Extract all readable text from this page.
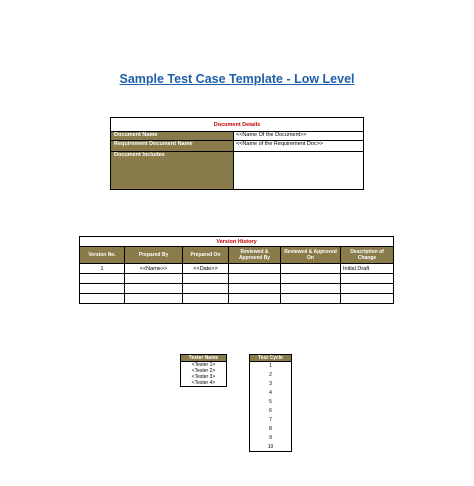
Sample Test Case Template - Low Level
Document Details	
Document Name	<<Name Of the Document>>
Requirement Document Name	<<Name of the Requirement Doc>>
Document Includes	
Version History					
Version No.	Prepared By	Prepared On	Reviewed & Approved By	Reviewed & Approved On	Description of Change
1	<<Name>>	<<Date>>			Initial Draft

Tester Name
<Tester 1>
<Tester 2>
<Tester 3>
<Tester 4>
Test Cycle
1
2
3
4
5
6
7
8
9
10
